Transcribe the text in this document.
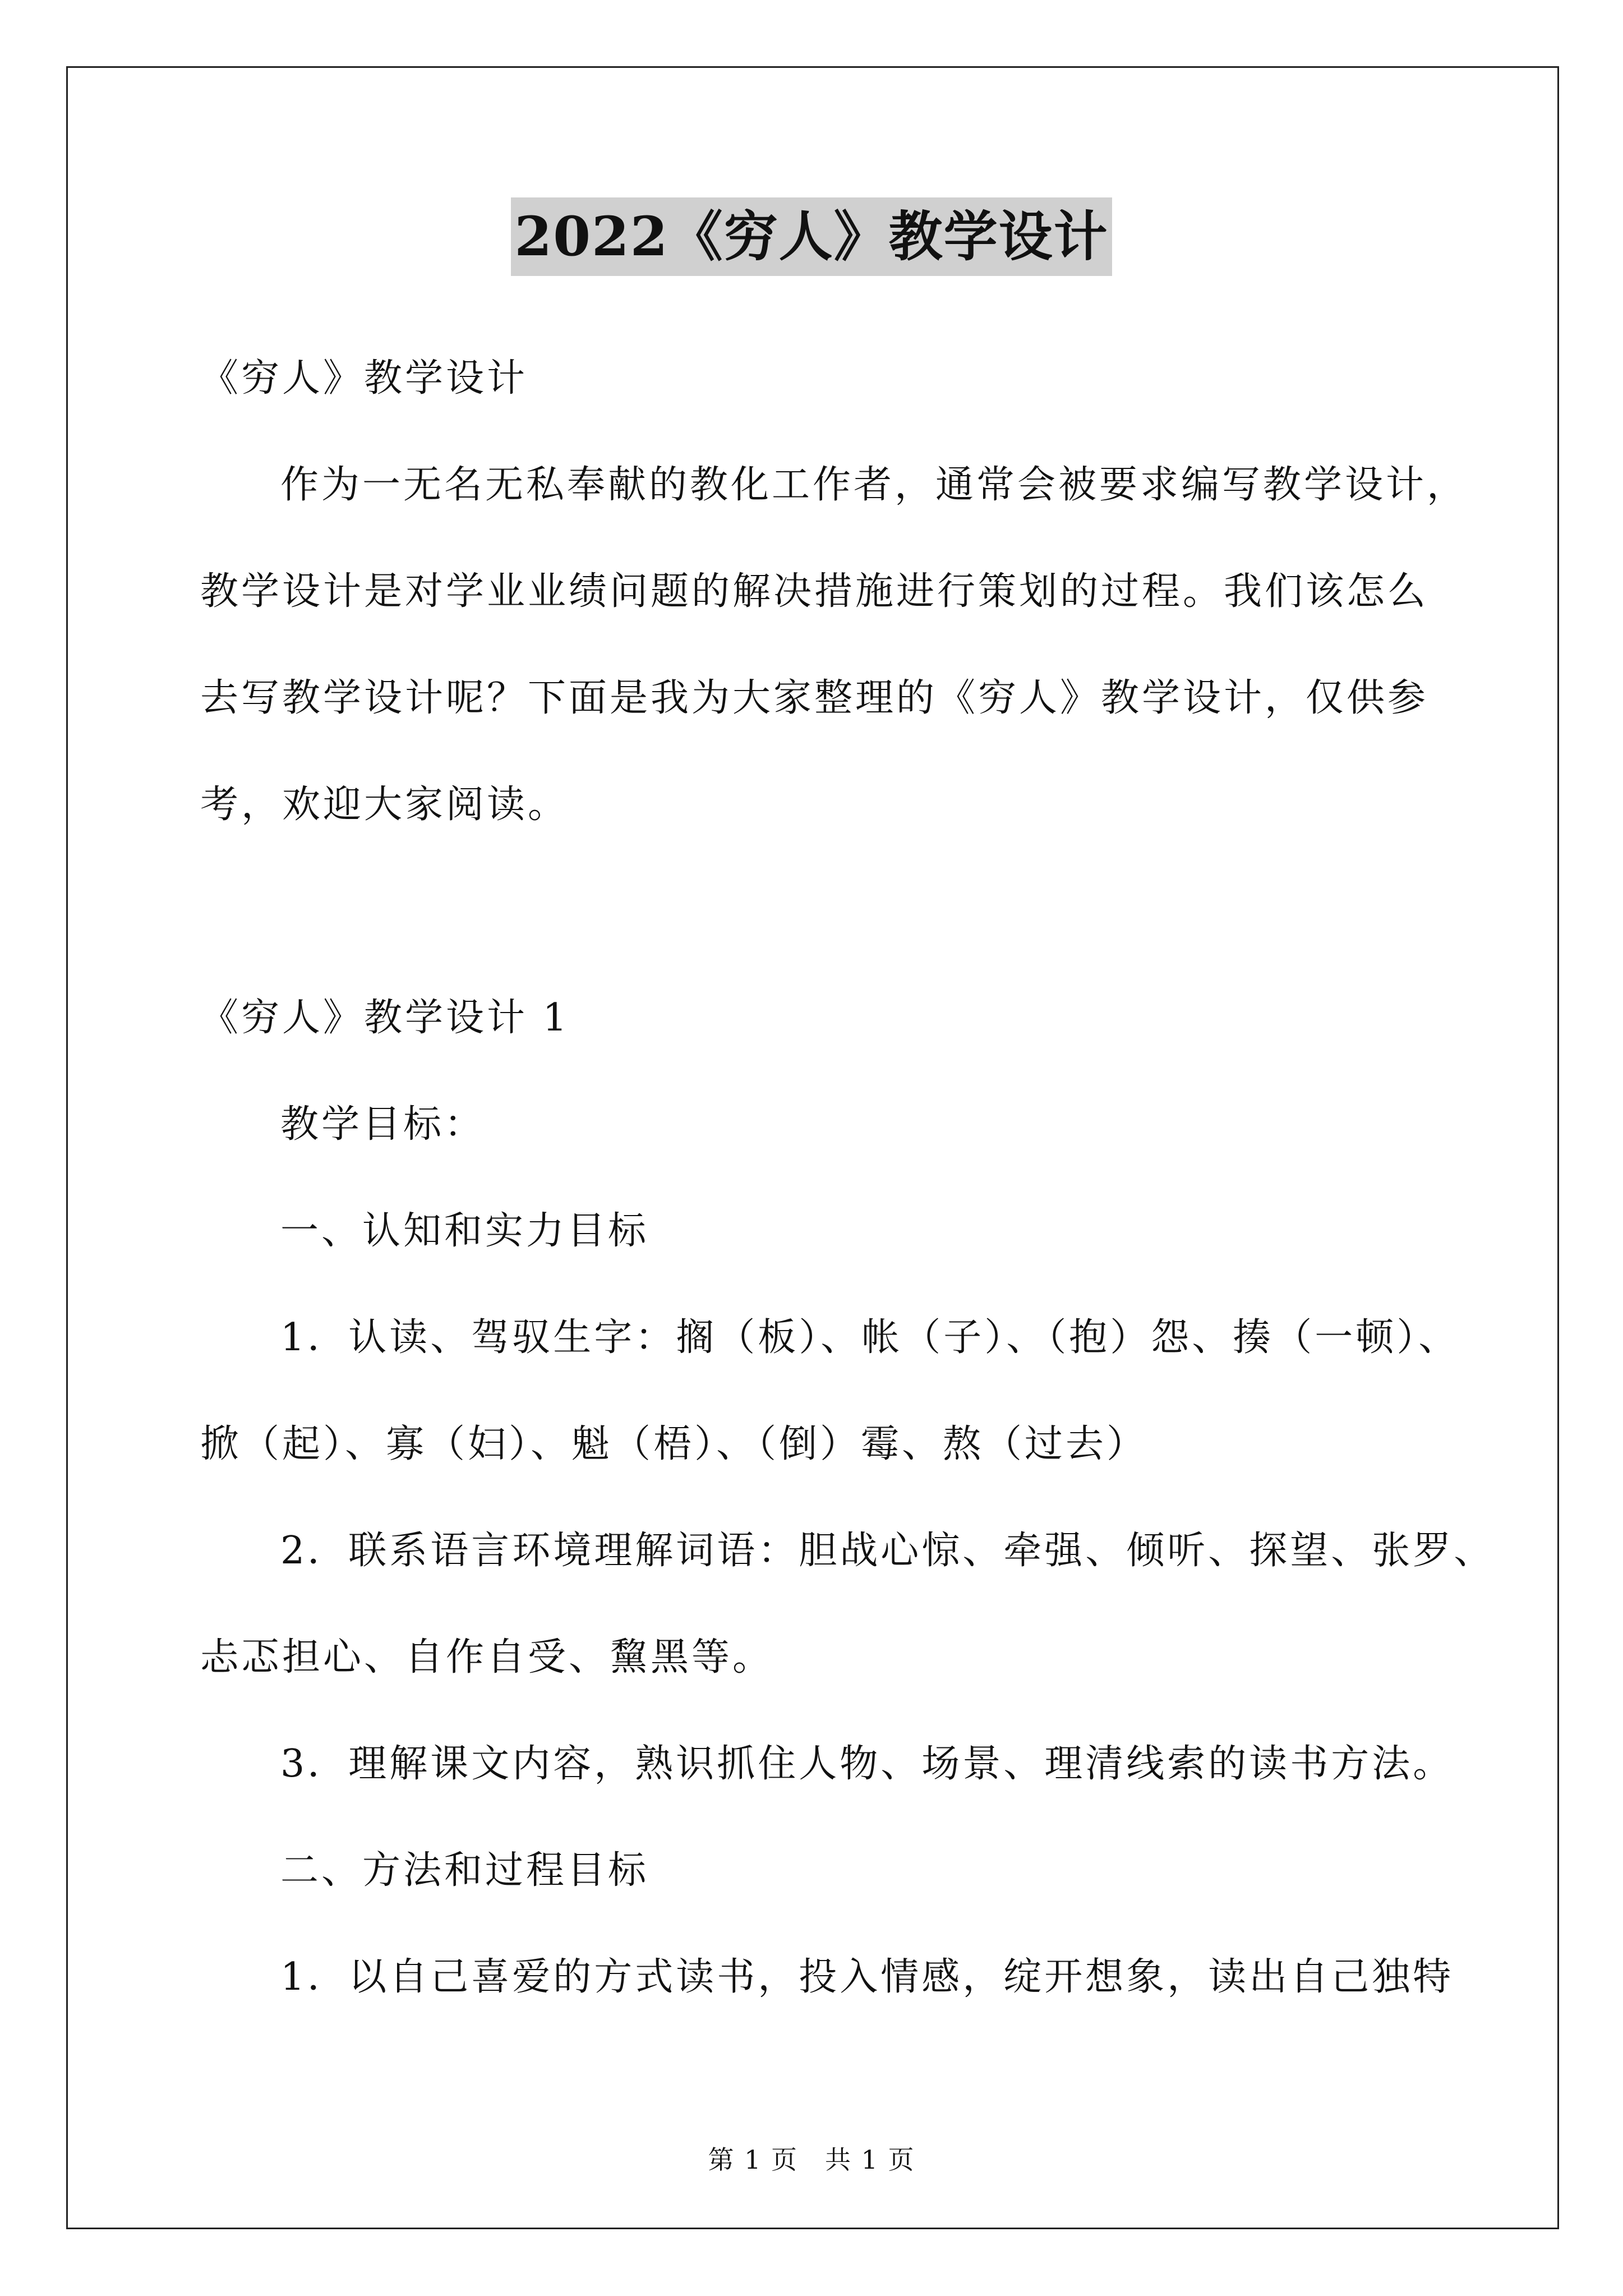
2022《穷人》教学设计
《穷人》教学设计
作为一无名无私奉献的教化工作者，通常会被要求编写教学设计，
教学设计是对学业业绩问题的解决措施进行策划的过程。我们该怎么
去写教学设计呢？下面是我为大家整理的《穷人》教学设计，仅供参
考，欢迎大家阅读。
《穷人》教学设计 1
教学目标：
一、认知和实力目标
1．认读、驾驭生字：搁（板）、帐（子）、（抱）怨、揍（一顿）、
掀（起）、寡（妇）、魁（梧）、（倒）霉、熬（过去）
2．联系语言环境理解词语：胆战心惊、牵强、倾听、探望、张罗、
忐忑担心、自作自受、黧黑等。
3．理解课文内容，熟识抓住人物、场景、理清线索的读书方法。
二、方法和过程目标
1．以自己喜爱的方式读书，投入情感，绽开想象，读出自己独特
第 1 页　共 1 页
